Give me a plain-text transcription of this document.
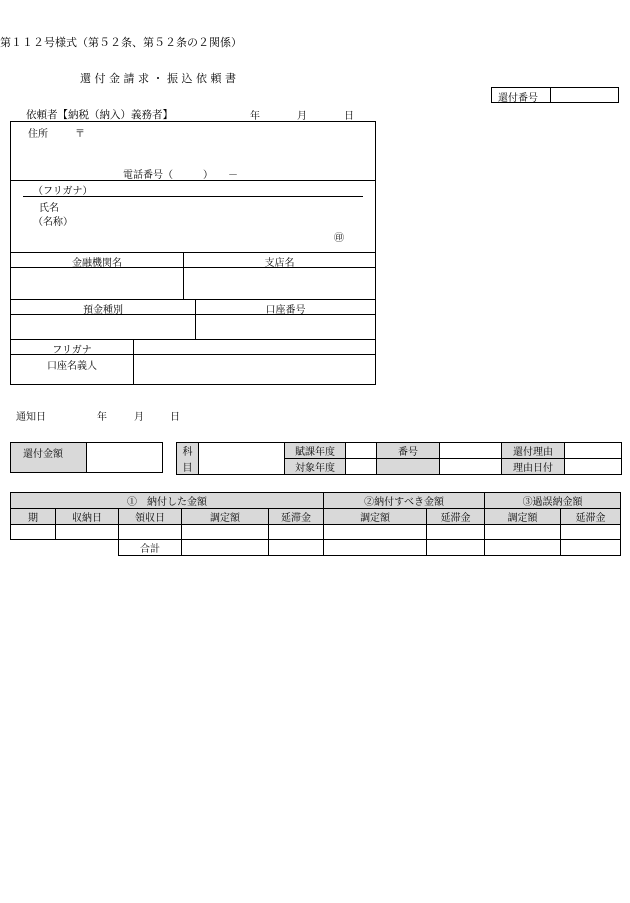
第１１２号様式（第５２条、第５２条の２関係）
還 付 金 請 求 ・ 振 込 依 頼 書
還付番号
依頼者【納税（納入）義務者】	年	月	日
住所	〒
電話番号（　　　）　　－
（フリガナ）
氏名
（名称）
㊞
金融機関名	支店名
預金種別	口座番号
フリガナ
口座名義人
通知日	年	月	日
還付金額	科		賦課年度		番号		還付理由	
目		対象年度				理由日付	
①　納付した金額					②納付すべき金額		③過誤納金額	
期	収納日	領収日	調定額	延滞金	調定額	延滞金	調定額	延滞金

		合計						
